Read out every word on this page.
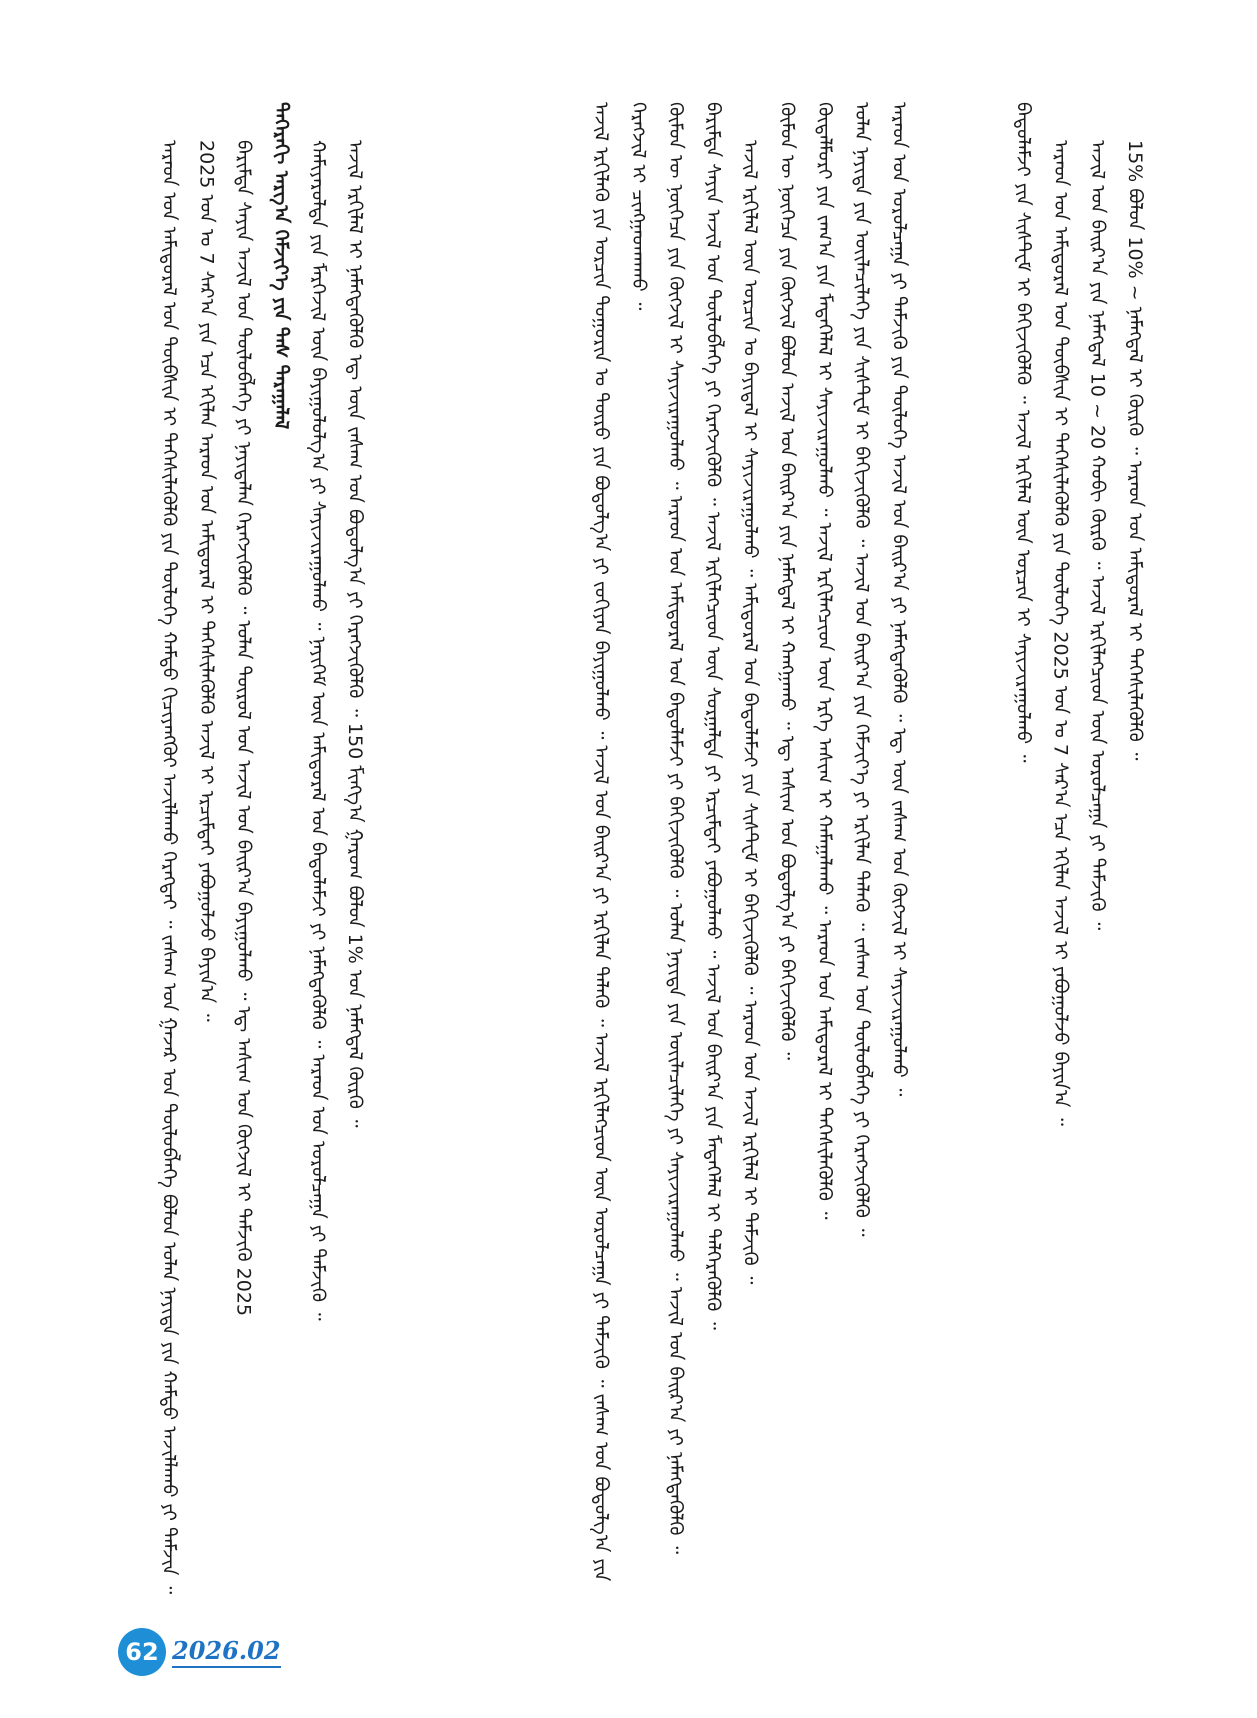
ᠠᠷᠠᠳ ᠤᠨ ᠠᠮᠢᠳᠤᠷᠠᠯ ᠤᠨ ᠲᠥᠪᠰᠢᠨ ᠢ ᠳᠡᠭᠡᠰᠢᠯᠡᠭᠦᠯᠬᠦ ᠶᠢᠨ ᠲᠥᠯᠥᠭᠡ ᠬᠠᠮᠲᠤ ᠬᠢᠴᠢᠶᠡᠩᠭᠦᠢ ᠠᠵᠢᠯᠯᠠᠬᠤ ᠬᠡᠷᠡᠭᠲᠡᠢ ᠃ ᠵᠠᠰᠠᠭ ᠤᠨ ᠭᠠᠵᠠᠷ ᠤᠨ ᠲᠥᠯᠥᠪᠯᠡᠭᠡ ᠪᠣᠯᠤᠨ ᠣᠯᠠᠨ ᠨᠡᠶᠢᠲᠡ ᠶᠢᠨ ᠬᠠᠮᠲᠤ ᠠᠵᠢᠯᠯᠠᠬᠤ ᠶᠢ ᠳᠡᠮᠵᠢᠨ ᠃ 2025 ᠣᠨ ᠤ 7 ᠰᠠᠷ᠎ᠠ ᠶᠢᠨ ᠡᠴᠡ ᠡᠬᠢᠯᠡᠨ ᠠᠷᠠᠳ ᠤᠨ ᠠᠮᠢᠳᠤᠷᠠᠯ ᠢ ᠳᠡᠭᠡᠰᠢᠯᠡᠭᠦᠯᠬᠦ ᠠᠵᠢᠯ ᠢ ᠡᠷᠴᠢᠮᠲᠡᠢ ᠶᠠᠪᠤᠭᠤᠯᠵᠤ ᠪᠠᠶᠢᠨ᠎ᠠ ᠃ ᠪᠠᠷᠢᠮᠲᠠ ᠰᠠᠶᠢᠨ ᠠᠵᠢᠯ ᠤᠨ ᠲᠥᠯᠥᠪᠯᠡᠭᠡ ᠶᠢ ᠨᠡᠶᠢᠲᠡᠯᠡᠨ ᠬᠡᠷᠡᠭᠵᠢᠭᠦᠯᠬᠦ ᠃ ᠣᠯᠠᠨ ᠲᠥᠷᠥᠯ ᠤᠨ ᠠᠵᠢᠯ ᠤᠨ ᠪᠠᠢᠷ᠎ᠠ ᠪᠠᠶᠢᠭᠤᠯᠬᠤ ᠃ ᠡᠳ᠋ ᠠᠰᠢᠭ ᠤᠨ ᠬᠥᠭᠵᠢᠯ ᠢ ᠳᠡᠮᠵᠢᠬᠦ 2025 ᠳᠡᠭᠡᠷᠡᠬᠢ ᠠᠷᠭ᠎ᠠ ᠬᠡᠮᠵᠢᠶ᠎ᠡ ᠶᠢᠨ ᠳᠡᠰ ᠳᠠᠷᠠᠭᠠᠯᠠᠯ ᠬᠠᠮᠢᠶᠠᠷᠤᠯᠲᠠ ᠶᠢᠨ ᠮᠡᠷᠭᠡᠵᠢᠯ ᠦᠨ ᠪᠠᠶᠢᠭᠤᠯᠤᠯᠭ᠎ᠠ ᠶᠢ ᠰᠠᠶᠢᠵᠢᠷᠠᠭᠤᠯᠬᠤ ᠃ ᠨᠡᠶᠢᠭᠡᠮ ᠦᠨ ᠠᠮᠢᠳᠤᠷᠠᠯ ᠤᠨ ᠪᠠᠲᠤᠯᠠᠮᠵᠢ ᠶᠢ ᠨᠡᠮᠡᠭᠳᠡᠭᠦᠯᠬᠦ ᠃ ᠠᠷᠠᠳ ᠤᠨ ᠤᠷᠤᠯᠴᠠᠭᠠ ᠶᠢ ᠳᠡᠮᠵᠢᠬᠦ ᠃ ᠠᠵᠢᠯ ᠡᠷᠬᠢᠯᠡᠯ ᠢ ᠨᠡᠮᠡᠭᠳᠡᠭᠦᠯᠬᠦ ᠡᠳ᠋ ᠦᠨ ᠵᠠᠰᠠᠭ ᠤᠨ ᠪᠣᠳᠤᠯᠭ᠎ᠠ ᠶᠢ ᠬᠡᠷᠡᠭᠵᠢᠭᠦᠯᠬᠦ ᠃ 150 ᠮᠢᠩᠭ᠎ᠠ ᠭᠠᠷᠤᠭ ᠪᠣᠯᠤᠨ 1% ᠤᠨ ᠨᠡᠮᠡᠭᠳᠡᠯ ᠬᠦᠷᠬᠦ ᠃	ᠠᠵᠢᠯ ᠡᠷᠬᠢᠯᠡᠬᠦ ᠶᠢᠨ ᠣᠷᠴᠢᠨ ᠲᠣᠭᠣᠷᠢᠨ ᠤ ᠲᠥᠷᠥ ᠶᠢᠨ ᠪᠣᠳᠤᠯᠭ᠎ᠠ ᠶᠢ ᠵᠣᠬᠢᠶᠠᠨ ᠪᠠᠶᠢᠭᠤᠯᠬᠤ ᠃ ᠠᠵᠢᠯ ᠤᠨ ᠪᠠᠢᠷ᠎ᠠ ᠶᠢ ᠡᠷᠬᠢᠯᠡᠨ ᠲᠡᠯᠡᠬᠦ ᠃ ᠠᠵᠢᠯ ᠡᠷᠬᠢᠯᠡᠭᠴᠢᠳ ᠦᠨ ᠤᠷᠤᠯᠴᠠᠭᠠ ᠶᠢ ᠳᠡᠮᠵᠢᠬᠦ ᠃ ᠵᠠᠰᠠᠭ ᠤᠨ ᠪᠣᠳᠤᠯᠭ᠎ᠠ ᠶᠢᠨ ᠬᠡᠷᠡᠭᠵᠢᠯ ᠢ ᠴᠢᠩᠭᠠᠳᠬᠠᠬᠤ ᠃ ᠬᠦᠮᠦᠨ ᠦ ᠨᠥᠭᠡᠴᠡ ᠶᠢᠨ ᠬᠥᠭᠵᠢᠯ ᠢ ᠰᠠᠶᠢᠵᠢᠷᠠᠭᠤᠯᠬᠤ ᠃ ᠠᠷᠠᠳ ᠤᠨ ᠠᠮᠢᠳᠤᠷᠠᠯ ᠤᠨ ᠪᠠᠲᠤᠯᠠᠮᠵᠢ ᠶᠢ ᠪᠡᠬᠢᠵᠢᠭᠦᠯᠬᠦ ᠃ ᠣᠯᠠᠨ ᠨᠡᠶᠢᠲᠡ ᠶᠢᠨ ᠦᠢᠯᠡᠴᠢᠯᠡᠭᠡ ᠶᠢ ᠰᠠᠶᠢᠵᠢᠷᠠᠭᠤᠯᠬᠤ ᠃ ᠠᠵᠢᠯ ᠤᠨ ᠪᠠᠢᠷ᠎ᠠ ᠶᠢ ᠨᠡᠮᠡᠭᠳᠡᠭᠦᠯᠬᠦ ᠃ ᠪᠠᠷᠢᠮᠲᠠ ᠰᠠᠶᠢᠨ ᠠᠵᠢᠯ ᠤᠨ ᠲᠥᠯᠥᠪᠯᠡᠭᠡ ᠶᠢ ᠬᠡᠷᠡᠭᠵᠢᠭᠦᠯᠬᠦ ᠃ ᠠᠵᠢᠯ ᠡᠷᠬᠢᠯᠡᠭᠴᠢᠳ ᠦᠨ ᠰᠤᠷᠭᠠᠯᠲᠠ ᠶᠢ ᠡᠷᠴᠢᠮᠲᠡᠢ ᠶᠠᠪᠤᠭᠤᠯᠬᠤ ᠃ ᠠᠵᠢᠯ ᠤᠨ ᠪᠠᠢᠷ᠎ᠠ ᠶᠢᠨ ᠮᠡᠳᠡᠭᠡᠯᠡᠯ ᠢ ᠳᠡᠯᠭᠡᠷᠡᠭᠦᠯᠬᠦ ᠃ ᠠᠵᠢᠯ ᠡᠷᠬᠢᠯᠡᠯ ᠦᠨ ᠣᠷᠴᠢᠨ ᠤ ᠪᠠᠶᠢᠳᠠᠯ ᠢ ᠰᠠᠶᠢᠵᠢᠷᠠᠭᠤᠯᠬᠤ ᠃ ᠠᠮᠢᠳᠤᠷᠠᠯ ᠤᠨ ᠪᠠᠲᠤᠯᠠᠮᠵᠢ ᠶᠢᠨ ᠰᠢᠰᠲ᠋ᠧᠮ ᠢ ᠪᠡᠬᠢᠵᠢᠭᠦᠯᠬᠦ ᠃ ᠠᠷᠠᠳ ᠤᠨ ᠠᠵᠢᠯ ᠡᠷᠬᠢᠯᠡᠯ ᠢ ᠳᠡᠮᠵᠢᠬᠦ ᠃ ᠬᠦᠮᠦᠨ ᠦ ᠨᠥᠭᠡᠴᠡ ᠶᠢᠨ ᠬᠥᠭᠵᠢᠯ ᠪᠣᠯᠤᠨ ᠠᠵᠢᠯ ᠤᠨ ᠪᠠᠢᠷ᠎ᠠ ᠶᠢᠨ ᠨᠡᠮᠡᠭᠳᠡᠯ ᠢ ᠬᠠᠩᠭᠠᠬᠤ ᠃ ᠡᠳ᠋ ᠠᠰᠢᠭ ᠤᠨ ᠪᠣᠳᠤᠯᠭ᠎ᠠ ᠶᠢ ᠪᠡᠬᠢᠵᠢᠭᠦᠯᠬᠦ ᠃ ᠬᠥᠳᠡᠯᠮᠦᠷᠢ ᠶᠢᠨ ᠵᠠᠬ᠎ᠠ ᠶᠢᠨ ᠮᠡᠳᠡᠭᠡᠯᠡᠯ ᠢ ᠰᠠᠶᠢᠵᠢᠷᠠᠭᠤᠯᠬᠤ ᠃ ᠠᠵᠢᠯ ᠡᠷᠬᠢᠯᠡᠭᠴᠢᠳ ᠦᠨ ᠡᠷᠬᠡ ᠠᠰᠢᠭ ᠢ ᠬᠠᠮᠠᠭᠠᠯᠠᠬᠤ ᠃ ᠠᠷᠠᠳ ᠤᠨ ᠠᠮᠢᠳᠤᠷᠠᠯ ᠢ ᠳᠡᠭᠡᠰᠢᠯᠡᠭᠦᠯᠬᠦ ᠃ ᠣᠯᠠᠨ ᠨᠡᠶᠢᠲᠡ ᠶᠢᠨ ᠦᠢᠯᠡᠴᠢᠯᠡᠭᠡ ᠶᠢᠨ ᠰᠢᠰᠲ᠋ᠧᠮ ᠢ ᠪᠡᠬᠢᠵᠢᠭᠦᠯᠬᠦ ᠃ ᠠᠵᠢᠯ ᠤᠨ ᠪᠠᠢᠷ᠎ᠠ ᠶᠢᠨ ᠬᠡᠮᠵᠢᠶ᠎ᠡ ᠶᠢ ᠡᠷᠬᠢᠯᠡᠨ ᠲᠡᠯᠡᠬᠦ ᠃ ᠵᠠᠰᠠᠭ ᠤᠨ ᠲᠥᠯᠥᠪᠯᠡᠭᠡ ᠶᠢ ᠬᠡᠷᠡᠭᠵᠢᠭᠦᠯᠬᠦ ᠃ ᠠᠷᠠᠳ ᠤᠨ ᠤᠷᠤᠯᠴᠠᠭᠠ ᠶᠢ ᠳᠡᠮᠵᠢᠬᠦ ᠶᠢᠨ ᠲᠥᠯᠥᠭᠡ ᠠᠵᠢᠯ ᠤᠨ ᠪᠠᠢᠷ᠎ᠠ ᠶᠢ ᠨᠡᠮᠡᠭᠳᠡᠭᠦᠯᠬᠦ ᠃ ᠡᠳ᠋ ᠦᠨ ᠵᠠᠰᠠᠭ ᠤᠨ ᠬᠥᠭᠵᠢᠯ ᠢ ᠰᠠᠶᠢᠵᠢᠷᠠᠭᠤᠯᠬᠤ ᠃	ᠪᠠᠲᠤᠯᠠᠮᠵᠢ ᠶᠢᠨ ᠰᠢᠰᠲ᠋ᠧᠮ ᠢ ᠪᠡᠬᠢᠵᠢᠭᠦᠯᠬᠦ ᠃ ᠠᠵᠢᠯ ᠡᠷᠬᠢᠯᠡᠯ ᠦᠨ ᠣᠷᠴᠢᠨ ᠢ ᠰᠠᠶᠢᠵᠢᠷᠠᠭᠤᠯᠬᠤ ᠃ ᠠᠷᠠᠳ ᠤᠨ ᠠᠮᠢᠳᠤᠷᠠᠯ ᠤᠨ ᠲᠥᠪᠰᠢᠨ ᠢ ᠳᠡᠭᠡᠰᠢᠯᠡᠭᠦᠯᠬᠦ ᠶᠢᠨ ᠲᠥᠯᠥᠭᠡ 2025 ᠣᠨ ᠤ 7 ᠰᠠᠷ᠎ᠠ ᠡᠴᠡ ᠡᠬᠢᠯᠡᠨ ᠠᠵᠢᠯ ᠢ ᠶᠠᠪᠤᠭᠤᠯᠵᠤ ᠪᠠᠶᠢᠨ᠎ᠠ ᠃ ᠠᠵᠢᠯ ᠤᠨ ᠪᠠᠢᠷ᠎ᠠ ᠶᠢᠨ ᠨᠡᠮᠡᠭᠳᠡᠯ 10 ~ 20 ᠬᠤᠪᠢ ᠬᠦᠷᠬᠦ ᠃ ᠠᠵᠢᠯ ᠡᠷᠬᠢᠯᠡᠭᠴᠢᠳ ᠦᠨ ᠤᠷᠤᠯᠴᠠᠭᠠ ᠶᠢ ᠳᠡᠮᠵᠢᠬᠦ ᠃ 15% ᠪᠣᠯᠤᠨ 10% ~ ᠨᠡᠮᠡᠭᠳᠡᠯ ᠢ ᠬᠦᠷᠬᠦ ᠃ ᠠᠷᠠᠳ ᠤᠨ ᠠᠮᠢᠳᠤᠷᠠᠯ ᠢ ᠳᠡᠭᠡᠰᠢᠯᠡᠭᠦᠯᠬᠦ ᠃
62 2026.02
